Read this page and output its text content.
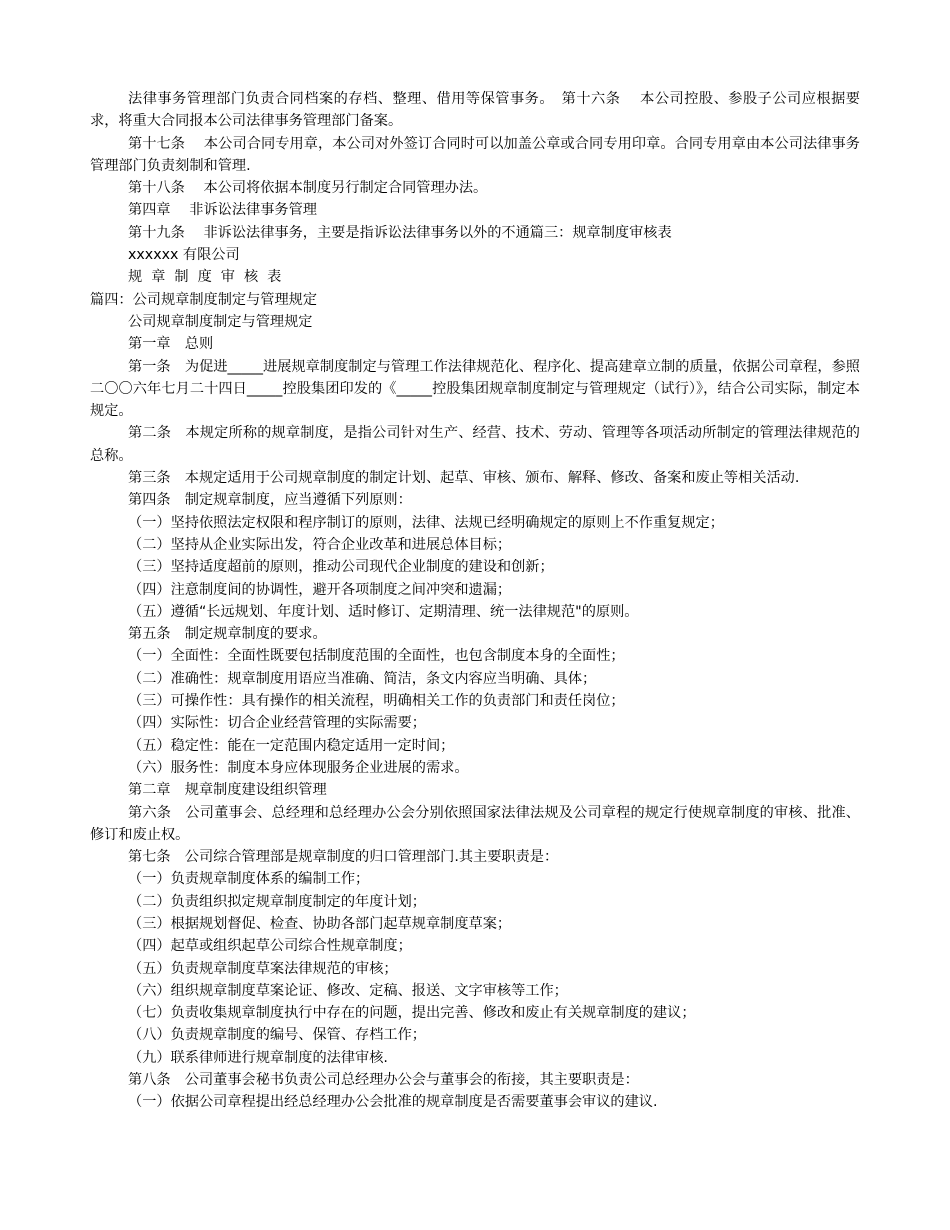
法律事务管理部门负责合同档案的存档、整理、借用等保管事务。　第十六条　 本公司控股、参股子公司应根据要求，将重大合同报本公司法律事务管理部门备案。

第十七条　 本公司合同专用章，本公司对外签订合同时可以加盖公章或合同专用印章。合同专用章由本公司法律事务管理部门负责刻制和管理.

第十八条　 本公司将依据本制度另行制定合同管理办法。

第四章　 非诉讼法律事务管理

第十九条　 非诉讼法律事务，主要是指诉讼法律事务以外的不通篇三：规章制度审核表

xxxxxx 有限公司

规章制度审核表

篇四：公司规章制度制定与管理规定

公司规章制度制定与管理规定

第一章　总则

第一条　为促进_____进展规章制度制定与管理工作法律规范化、程序化、提高建章立制的质量，依据公司章程，参照二〇〇六年七月二十四日_____控股集团印发的《_____控股集团规章制度制定与管理规定（试行）》，结合公司实际，制定本规定。

第二条　本规定所称的规章制度，是指公司针对生产、经营、技术、劳动、管理等各项活动所制定的管理法律规范的总称。

第三条　本规定适用于公司规章制度的制定计划、起草、审核、颁布、解释、修改、备案和废止等相关活动.

第四条　制定规章制度，应当遵循下列原则：

（一）坚持依照法定权限和程序制订的原则，法律、法规已经明确规定的原则上不作重复规定；

（二）坚持从企业实际出发，符合企业改革和进展总体目标；

（三）坚持适度超前的原则，推动公司现代企业制度的建设和创新；

（四）注意制度间的协调性，避开各项制度之间冲突和遗漏；

（五）遵循“长远规划、年度计划、适时修订、定期清理、统一法律规范"的原则。

第五条　制定规章制度的要求。

（一）全面性：全面性既要包括制度范围的全面性，也包含制度本身的全面性；

（二）准确性：规章制度用语应当准确、简洁，条文内容应当明确、具体；

（三）可操作性：具有操作的相关流程，明确相关工作的负责部门和责任岗位；

（四）实际性：切合企业经营管理的实际需要；

（五）稳定性：能在一定范围内稳定适用一定时间；

（六）服务性：制度本身应体现服务企业进展的需求。

第二章　规章制度建设组织管理

第六条　公司董事会、总经理和总经理办公会分别依照国家法律法规及公司章程的规定行使规章制度的审核、批准、修订和废止权。

第七条　公司综合管理部是规章制度的归口管理部门.其主要职责是：

（一）负责规章制度体系的编制工作；

（二）负责组织拟定规章制度制定的年度计划；

（三）根据规划督促、检查、协助各部门起草规章制度草案；

（四）起草或组织起草公司综合性规章制度；

（五）负责规章制度草案法律规范的审核；

（六）组织规章制度草案论证、修改、定稿、报送、文字审核等工作；

（七）负责收集规章制度执行中存在的问题，提出完善、修改和废止有关规章制度的建议；

（八）负责规章制度的编号、保管、存档工作；

（九）联系律师进行规章制度的法律审核.

第八条　公司董事会秘书负责公司总经理办公会与董事会的衔接，其主要职责是：

（一）依据公司章程提出经总经理办公会批准的规章制度是否需要董事会审议的建议.
